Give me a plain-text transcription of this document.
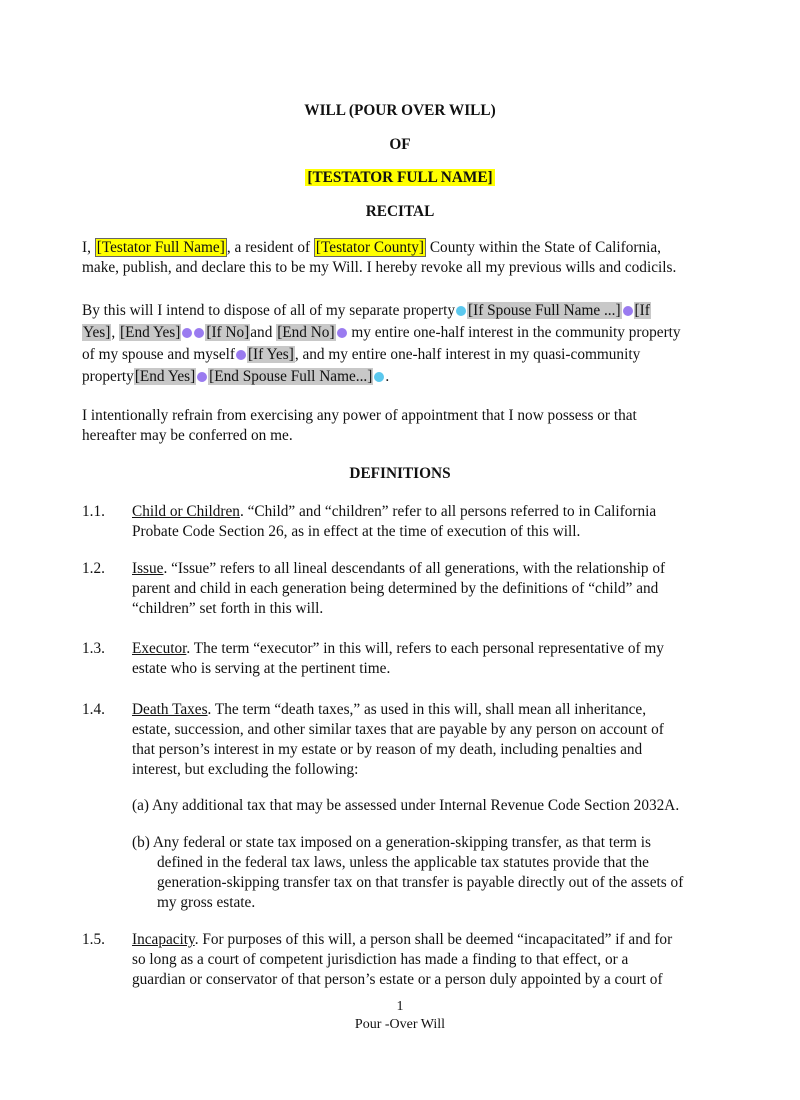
WILL (POUR OVER WILL)
OF
[TESTATOR FULL NAME]
RECITAL
I, [Testator Full Name] , a resident of [Testator County] County within the State of California,
make, publish, and declare this to be my Will. I hereby revoke all my previous wills and codicils.
By this will I intend to dispose of all of my separate property [If Spouse Full Name ...] [If
Yes], [End Yes] [If No]and [End No] my entire one-half interest in the community property
of my spouse and myself [If Yes], and my entire one-half interest in my quasi-community
property[End Yes] [End Spouse Full Name...] .
I intentionally refrain from exercising any power of appointment that I now possess or that
hereafter may be conferred on me.
DEFINITIONS
1.1.	Child or Children. “Child” and “children” refer to all persons referred to in California
Probate Code Section 26, as in effect at the time of execution of this will.
1.2.	Issue. “Issue” refers to all lineal descendants of all generations, with the relationship of
parent and child in each generation being determined by the definitions of “child” and
“children” set forth in this will.
1.3.	Executor. The term “executor” in this will, refers to each personal representative of my
estate who is serving at the pertinent time.
1.4.	Death Taxes. The term “death taxes,” as used in this will, shall mean all inheritance,
estate, succession, and other similar taxes that are payable by any person on account of
that person’s interest in my estate or by reason of my death, including penalties and
interest, but excluding the following:
(a) Any additional tax that may be assessed under Internal Revenue Code Section 2032A.
(b) Any federal or state tax imposed on a generation-skipping transfer, as that term is
defined in the federal tax laws, unless the applicable tax statutes provide that the
generation-skipping transfer tax on that transfer is payable directly out of the assets of
my gross estate.
1.5.	Incapacity. For purposes of this will, a person shall be deemed “incapacitated” if and for
so long as a court of competent jurisdiction has made a finding to that effect, or a
guardian or conservator of that person’s estate or a person duly appointed by a court of
1
Pour -Over Will
